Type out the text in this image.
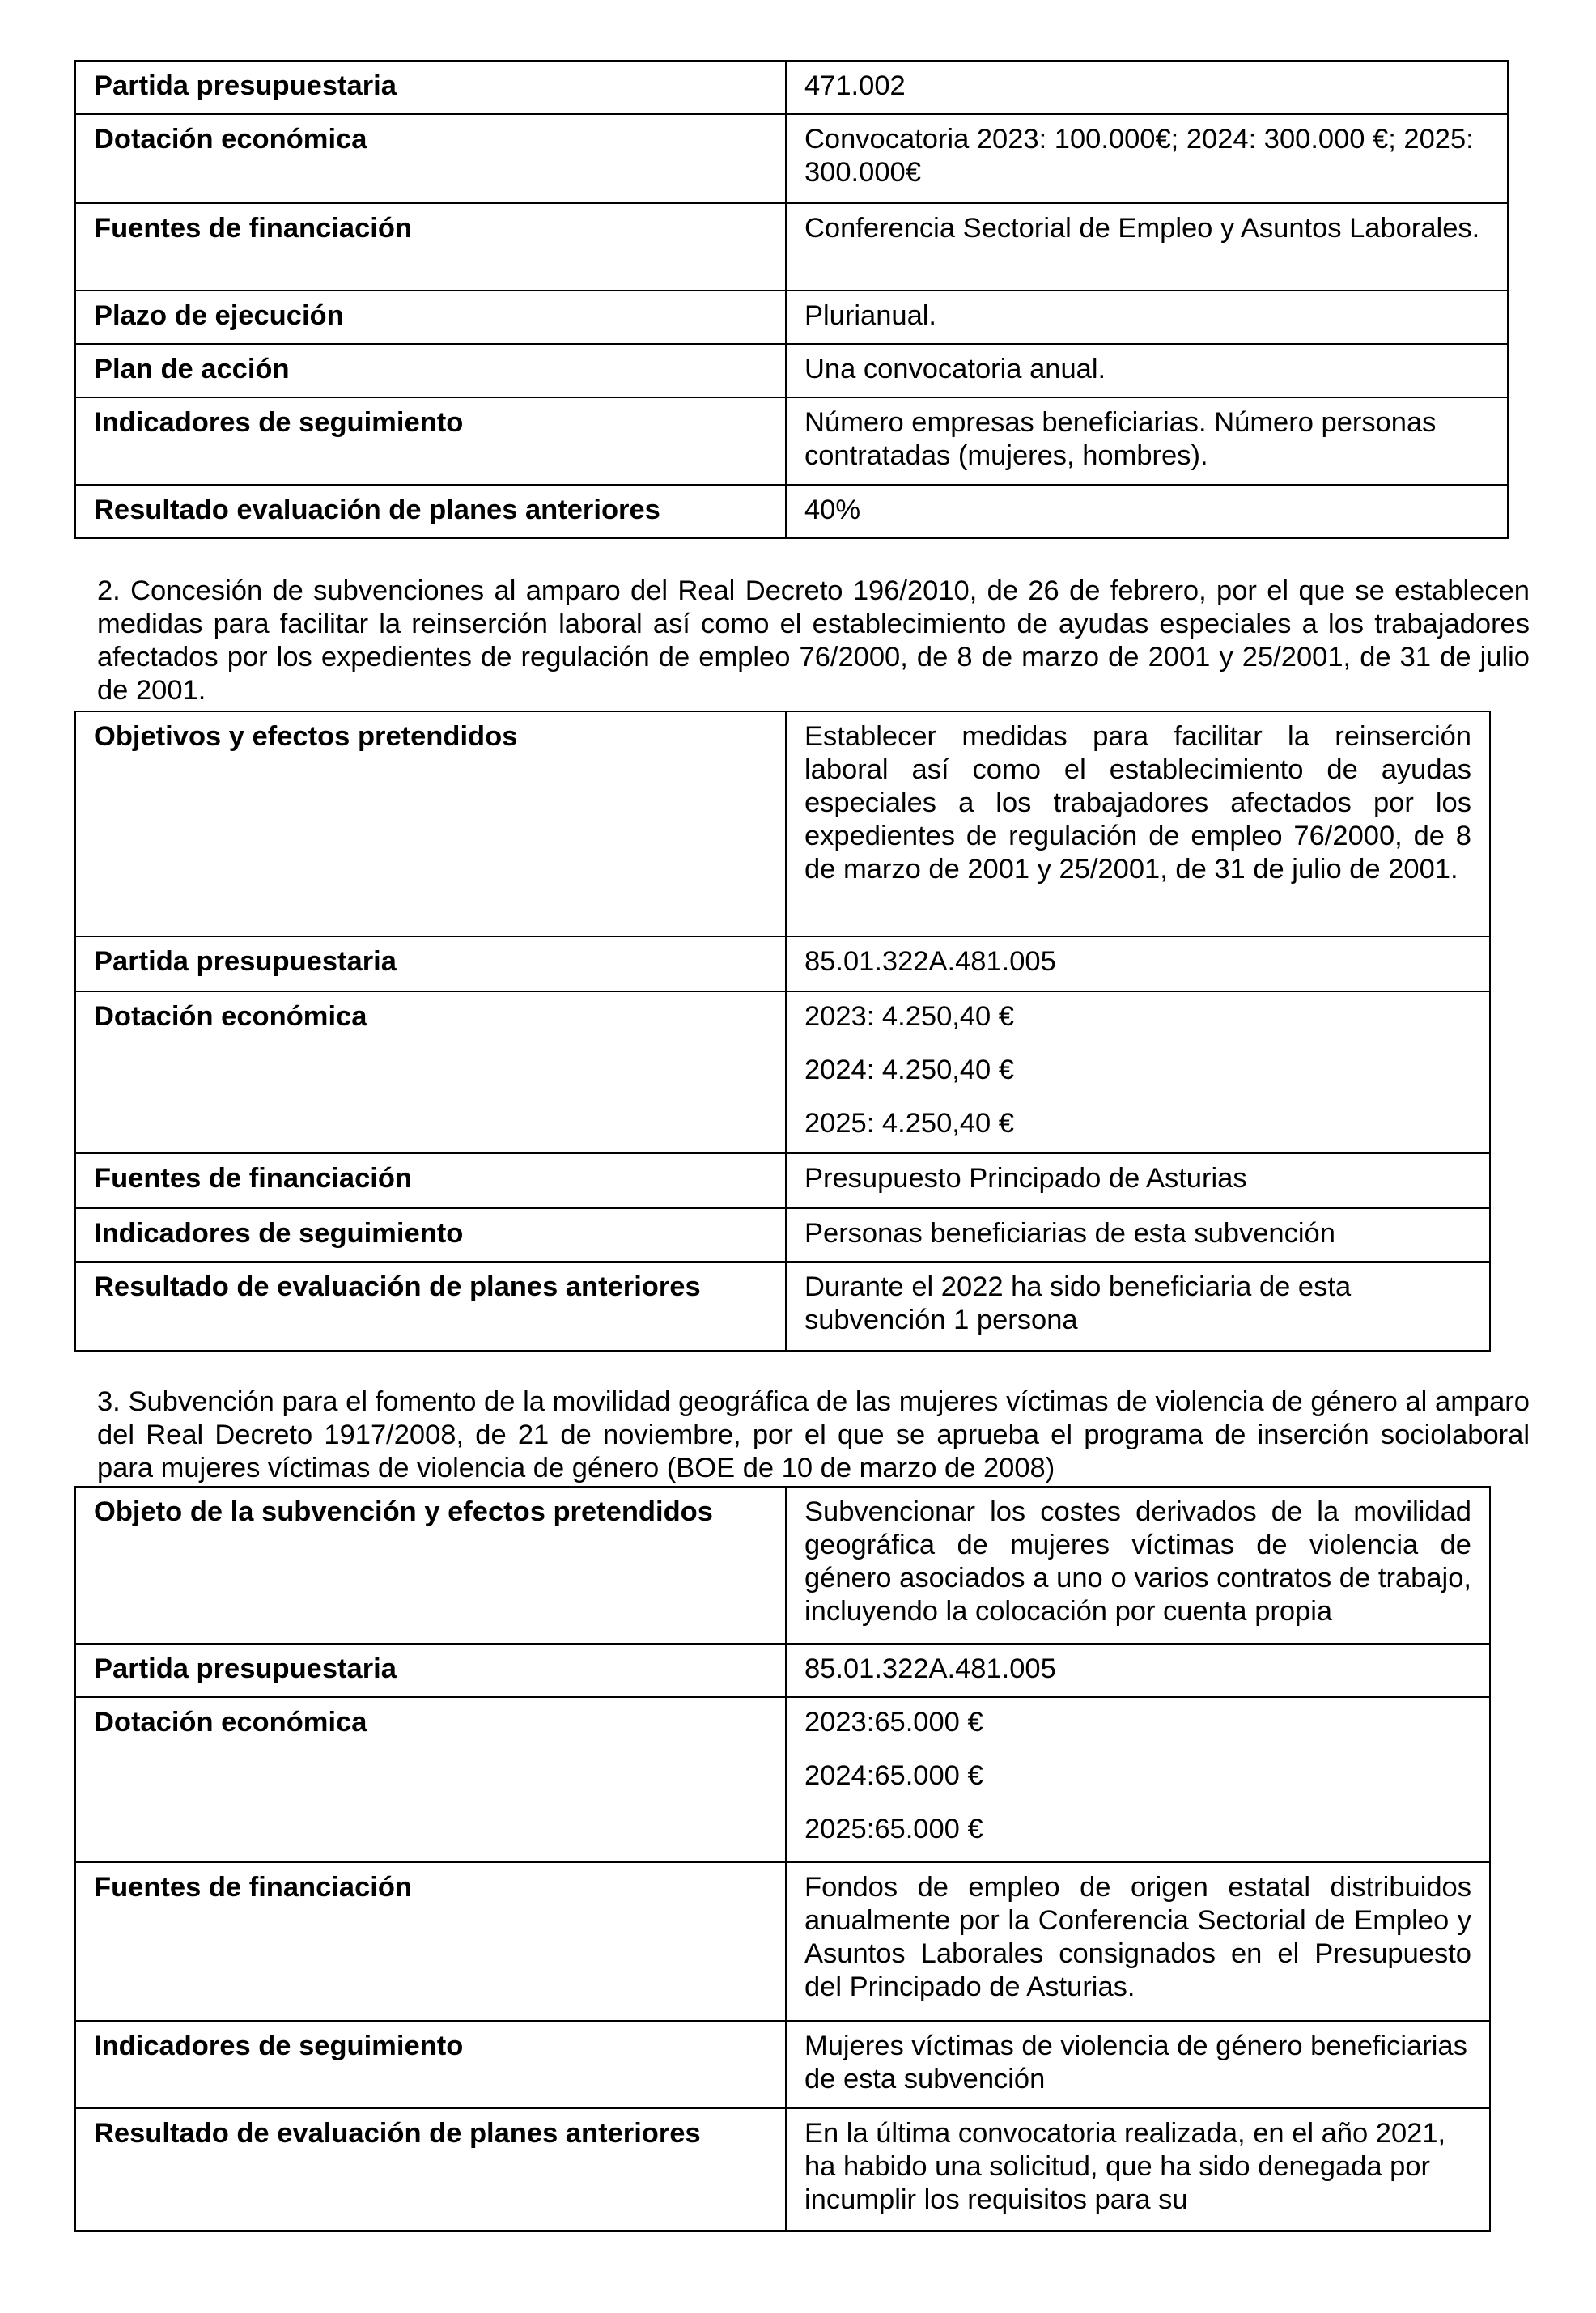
Partida presupuestaria	471.002
Dotación económica	Convocatoria 2023: 100.000€; 2024: 300.000 €; 2025: 300.000€
Fuentes de financiación	Conferencia Sectorial de Empleo y Asuntos Laborales.
Plazo de ejecución	Plurianual.
Plan de acción	Una convocatoria anual.
Indicadores de seguimiento	Número empresas beneficiarias. Número personas contratadas (mujeres, hombres).
Resultado evaluación de planes anteriores	40%

2. Concesión de subvenciones al amparo del Real Decreto 196/2010, de 26 de febrero, por el que se establecen medidas para facilitar la reinserción laboral así como el establecimiento de ayudas especiales a los trabajadores afectados por los expedientes de regulación de empleo 76/2000, de 8 de marzo de 2001 y 25/2001, de 31 de julio de 2001.

Objetivos y efectos pretendidos	Establecer medidas para facilitar la reinserción laboral así como el establecimiento de ayudas especiales a los trabajadores afectados por los expedientes de regulación de empleo 76/2000, de 8 de marzo de 2001 y 25/2001, de 31 de julio de 2001.
Partida presupuestaria	85.01.322A.481.005
Dotación económica	2023: 4.250,40 €
2024: 4.250,40 €
2025: 4.250,40 €

Fuentes de financiación	Presupuesto Principado de Asturias
Indicadores de seguimiento	Personas beneficiarias de esta subvención
Resultado de evaluación de planes anteriores	Durante el 2022 ha sido beneficiaria de esta subvención 1 persona

3. Subvención para el fomento de la movilidad geográfica de las mujeres víctimas de violencia de género al amparo del Real Decreto 1917/2008, de 21 de noviembre, por el que se aprueba el programa de inserción sociolaboral para mujeres víctimas de violencia de género (BOE de 10 de marzo de 2008)

Objeto de la subvención y efectos pretendidos	Subvencionar los costes derivados de la movilidad geográfica de mujeres víctimas de violencia de género asociados a uno o varios contratos de trabajo, incluyendo la colocación por cuenta propia
Partida presupuestaria	85.01.322A.481.005
Dotación económica	2023:65.000 €
2024:65.000 €
2025:65.000 €

Fuentes de financiación	Fondos de empleo de origen estatal distribuidos anualmente por la Conferencia Sectorial de Empleo y Asuntos Laborales consignados en el Presupuesto del Principado de Asturias.
Indicadores de seguimiento	Mujeres víctimas de violencia de género beneficiarias de esta subvención
Resultado de evaluación de planes anteriores	En la última convocatoria realizada, en el año 2021, ha habido una solicitud, que ha sido denegada por incumplir los requisitos para su
